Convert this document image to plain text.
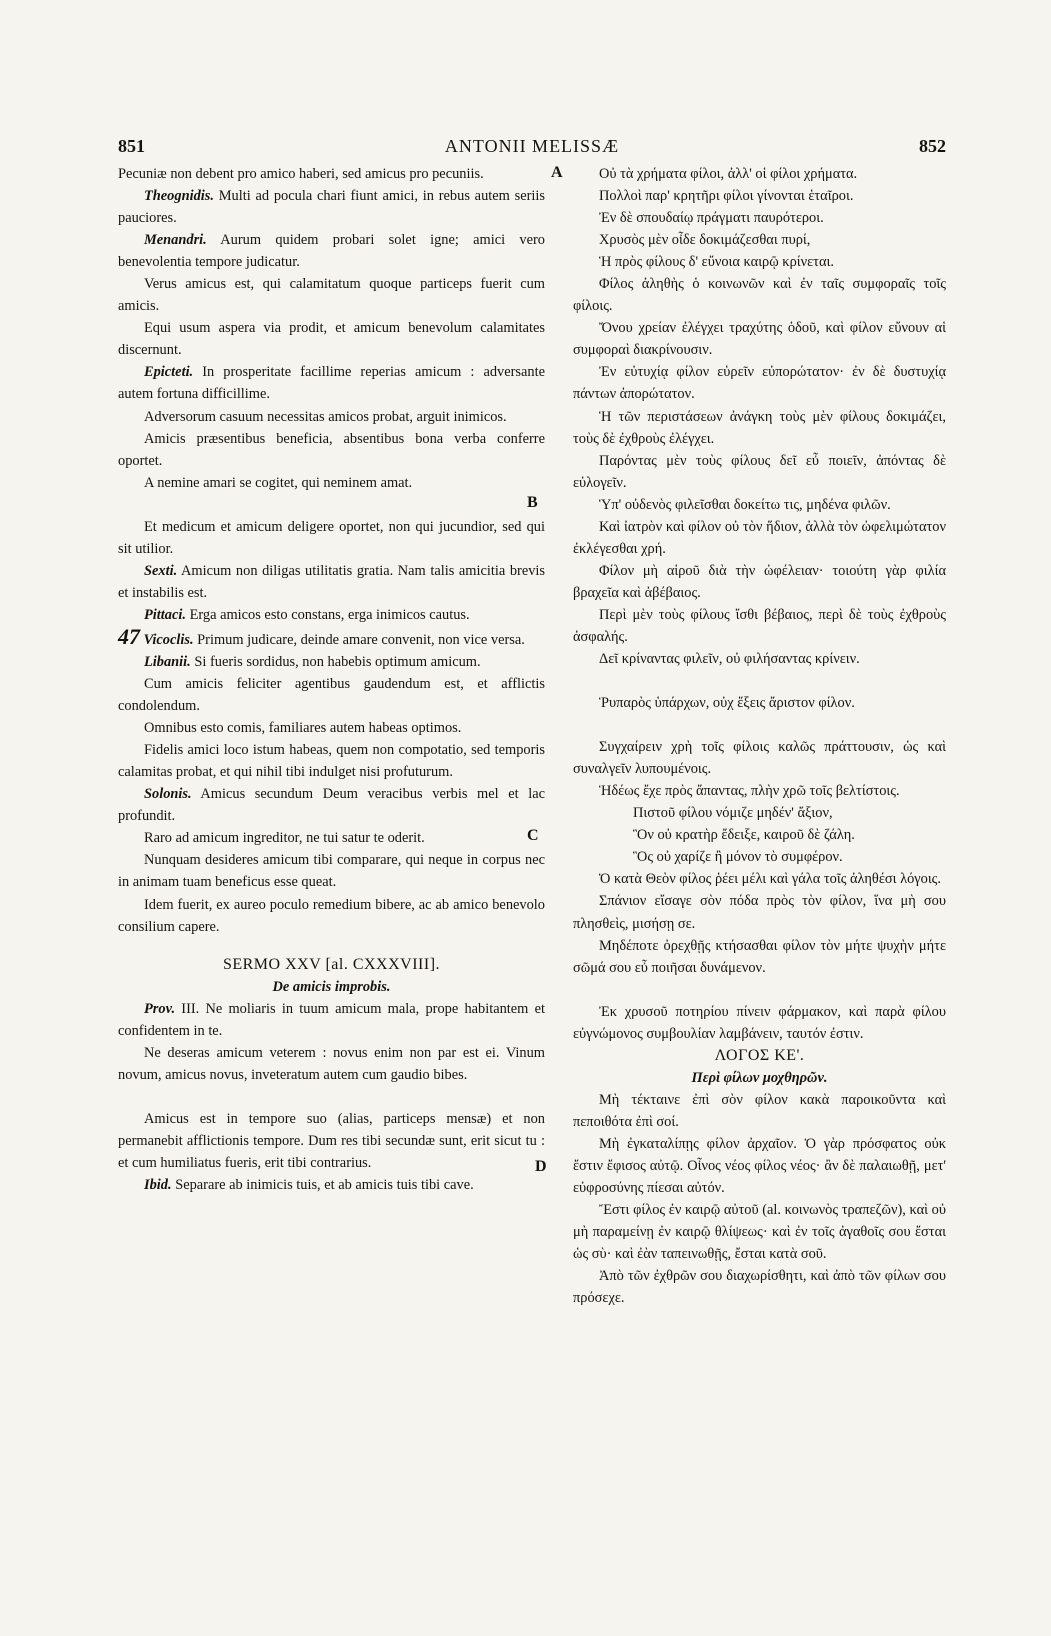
851	ANTONII MELISSÆ	852
A
B
C
D

Pecuniæ non debent pro amico haberi, sed amicus pro pecuniis.

Theognidis. Multi ad pocula chari fiunt amici, in rebus autem seriis pauciores.

Menandri. Aurum quidem probari solet igne; amici vero benevolentia tempore judicatur.

Verus amicus est, qui calamitatum quoque particeps fuerit cum amicis.

Equi usum aspera via prodit, et amicum benevolum calamitates discernunt.

Epicteti. In prosperitate facillime reperias amicum : adversante autem fortuna difficillime.

Adversorum casuum necessitas amicos probat, arguit inimicos.

Amicis præsentibus beneficia, absentibus bona verba conferre oportet.

A nemine amari se cogitet, qui neminem amat.

Et medicum et amicum deligere oportet, non qui jucundior, sed qui sit utilior.

Sexti. Amicum non diligas utilitatis gratia. Nam talis amicitia brevis et instabilis est.

Pittaci. Erga amicos esto constans, erga inimicos cautus.

47 Vicoclis. Primum judicare, deinde amare convenit, non vice versa.

Libanii. Si fueris sordidus, non habebis optimum amicum.

Cum amicis feliciter agentibus gaudendum est, et afflictis condolendum.

Omnibus esto comis, familiares autem habeas optimos.

Fidelis amici loco istum habeas, quem non compotatio, sed temporis calamitas probat, et qui nihil tibi indulget nisi profuturum.

Solonis. Amicus secundum Deum veracibus verbis mel et lac profundit.

Raro ad amicum ingreditor, ne tui satur te oderit.

Nunquam desideres amicum tibi comparare, qui neque in corpus nec in animam tuam beneficus esse queat.

Idem fuerit, ex aureo poculo remedium bibere, ac ab amico benevolo consilium capere.

SERMO XXV [al. CXXXVIII].

De amicis improbis.

Prov. III. Ne moliaris in tuum amicum mala, prope habitantem et confidentem in te.

Ne deseras amicum veterem : novus enim non par est ei. Vinum novum, amicus novus, inveteratum autem cum gaudio bibes.

Amicus est in tempore suo (alias, particeps mensæ) et non permanebit afflictionis tempore. Dum res tibi secundæ sunt, erit sicut tu : et cum humiliatus fueris, erit tibi contrarius.

Ibid. Separare ab inimicis tuis, et ab amicis tuis tibi cave.

Οὐ τὰ χρήματα φίλοι, ἀλλ' οἱ φίλοι χρήματα.

Πολλοὶ παρ' κρητῆρι φίλοι γίνονται ἑταῖροι.

Ἐν δὲ σπουδαίῳ πράγματι παυρότεροι.

Χρυσὸς μὲν οἶδε δοκιμάζεσθαι πυρί,

Ἡ πρὸς φίλους δ' εὔνοια καιρῷ κρίνεται.

Φίλος ἀληθὴς ὁ κοινωνῶν καὶ ἐν ταῖς συμφοραῖς τοῖς φίλοις.

Ὄνου χρείαν ἐλέγχει τραχύτης ὁδοῦ, καὶ φίλον εὔνουν αἱ συμφοραὶ διακρίνουσιν.

Ἐν εὐτυχίᾳ φίλον εὑρεῖν εὐπορώτατον· ἐν δὲ δυστυχίᾳ πάντων ἀπορώτατον.

Ἡ τῶν περιστάσεων ἀνάγκη τοὺς μὲν φίλους δοκιμάζει, τοὺς δὲ ἐχθροὺς ἐλέγχει.

Παρόντας μὲν τοὺς φίλους δεῖ εὖ ποιεῖν, ἀπόντας δὲ εὐλογεῖν.

Ὑπ' οὐδενὸς φιλεῖσθαι δοκείτω τις, μηδένα φιλῶν.

Καὶ ἰατρὸν καὶ φίλον οὐ τὸν ἥδιον, ἀλλὰ τὸν ὠφελιμώτατον ἐκλέγεσθαι χρή.

Φίλον μὴ αἱροῦ διὰ τὴν ὠφέλειαν· τοιούτη γὰρ φιλία βραχεῖα καὶ ἀβέβαιος.

Περὶ μὲν τοὺς φίλους ἴσθι βέβαιος, περὶ δὲ τοὺς ἐχθροὺς ἀσφαλής.

Δεῖ κρίναντας φιλεῖν, οὐ φιλήσαντας κρίνειν.

Ῥυπαρὸς ὑπάρχων, οὐχ ἕξεις ἄριστον φίλον.

Συγχαίρειν χρὴ τοῖς φίλοις καλῶς πράττουσιν, ὡς καὶ συναλγεῖν λυπουμένοις.

Ἡδέως ἔχε πρὸς ἅπαντας, πλὴν χρῶ τοῖς βελτίστοις.

Πιστοῦ φίλου νόμιζε μηδέν' ἄξιον,

Ὃν οὐ κρατὴρ ἔδειξε, καιροῦ δὲ ζάλη.

Ὃς οὐ χαρίζε ἢ μόνον τὸ συμφέρον.

Ὁ κατὰ Θεὸν φίλος ῥέει μέλι καὶ γάλα τοῖς ἀληθέσι λόγοις.

Σπάνιον εἴσαγε σὸν πόδα πρὸς τὸν φίλον, ἵνα μὴ σου πλησθεὶς, μισήσῃ σε.

Μηδέποτε ὀρεχθῇς κτήσασθαι φίλον τὸν μήτε ψυχὴν μήτε σῶμά σου εὖ ποιῆσαι δυνάμενον.

Ἐκ χρυσοῦ ποτηρίου πίνειν φάρμακον, καὶ παρὰ φίλου εὐγνώμονος συμβουλίαν λαμβάνειν, ταυτόν ἐστιν.

ΛΟΓΟΣ ΚΕ'.

Περὶ φίλων μοχθηρῶν.

Μὴ τέκταινε ἐπὶ σὸν φίλον κακὰ παροικοῦντα καὶ πεποιθότα ἐπὶ σοί.

Μὴ ἐγκαταλίπῃς φίλον ἀρχαῖον. Ὁ γὰρ πρόσφατος οὐκ ἔστιν ἔφισος αὐτῷ. Οἶνος νέος φίλος νέος· ἂν δὲ παλαιωθῇ, μετ' εὐφροσύνης πίεσαι αὐτόν.

Ἔστι φίλος ἐν καιρῷ αὐτοῦ (al. κοινωνὸς τραπεζῶν), καὶ οὐ μὴ παραμείνῃ ἐν καιρῷ θλίψεως· καὶ ἐν τοῖς ἀγαθοῖς σου ἔσται ὡς σὺ· καὶ ἐὰν ταπεινωθῇς, ἔσται κατὰ σοῦ.

Ἀπὸ τῶν ἐχθρῶν σου διαχωρίσθητι, καὶ ἀπὸ τῶν φίλων σου πρόσεχε.
